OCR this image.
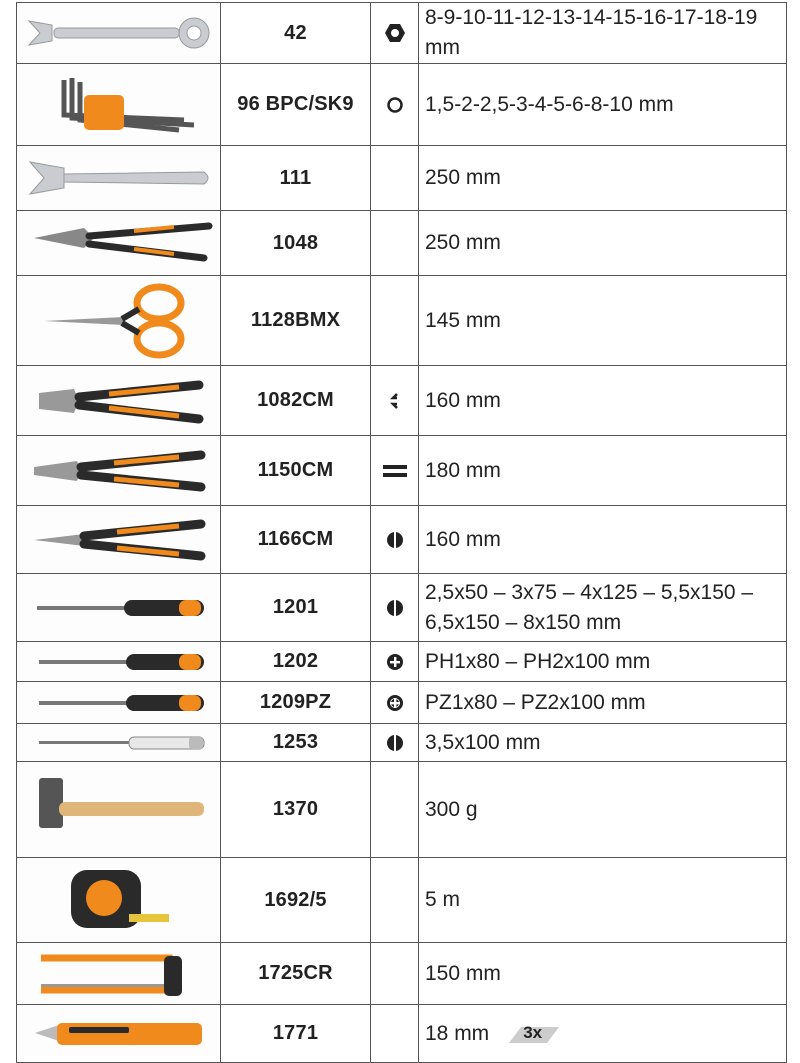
	42		8-9-10-11-12-13-14-15-16-17-18-19 mm

	96 BPC/SK9		1,5-2-2,5-3-4-5-6-8-10 mm

	111		250 mm

	1048		250 mm

	1128BMX		145 mm

	1082CM		160 mm

	1150CM		180 mm

	1166CM		160 mm

	1201		2,5x50 – 3x75 – 4x125 – 5,5x150 – 6,5x150 – 8x150 mm

	1202		PH1x80 – PH2x100 mm

	1209PZ		PZ1x80 – PZ2x100 mm

	1253		3,5x100 mm

	1370		300 g

	1692/5		5 m

	1725CR		150 mm

	1771		18 mm 3x
